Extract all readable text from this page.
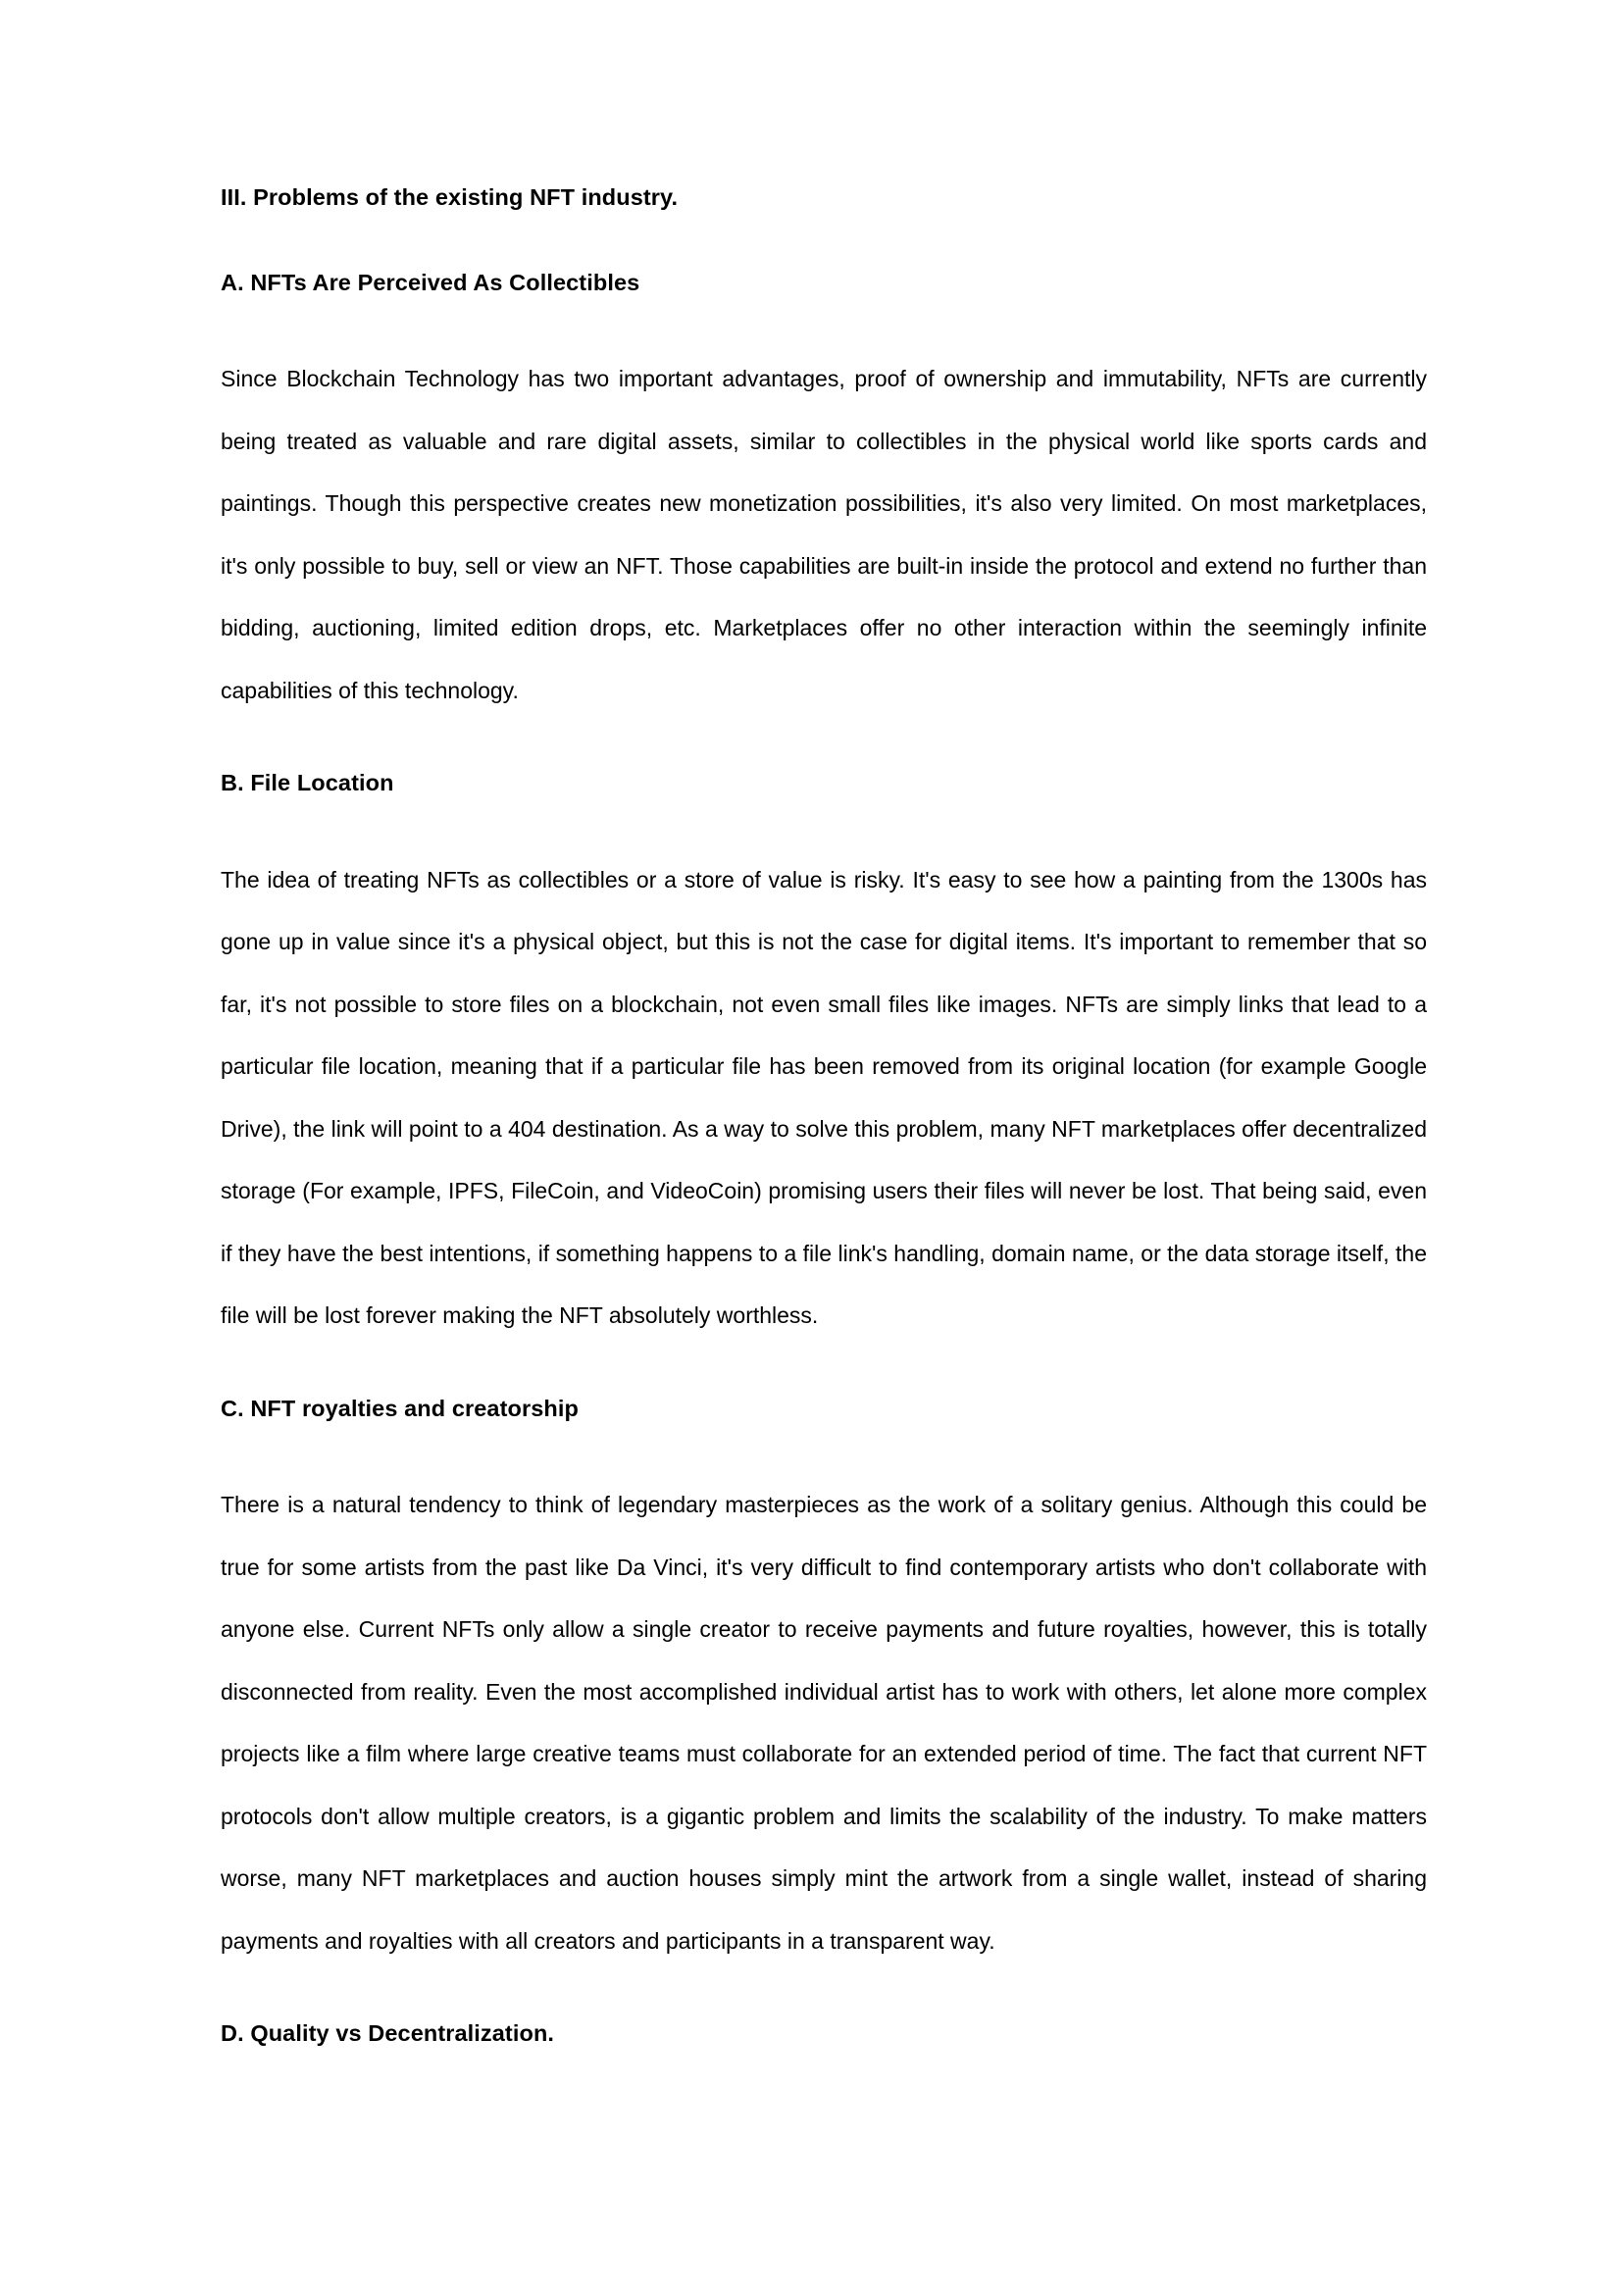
III. Problems of the existing NFT industry.
A. NFTs Are Perceived As Collectibles

Since Blockchain Technology has two important advantages, proof of ownership and immutability, NFTs are currently being treated as valuable and rare digital assets, similar to collectibles in the physical world like sports cards and paintings. Though this perspective creates new monetization possibilities, it's also very limited. On most marketplaces, it's only possible to buy, sell or view an NFT. Those capabilities are built-in inside the protocol and extend no further than bidding, auctioning, limited edition drops, etc. Marketplaces offer no other interaction within the seemingly infinite capabilities of this technology.

B. File Location

The idea of treating NFTs as collectibles or a store of value is risky. It's easy to see how a painting from the 1300s has gone up in value since it's a physical object, but this is not the case for digital items. It's important to remember that so far, it's not possible to store files on a blockchain, not even small files like images. NFTs are simply links that lead to a particular file location, meaning that if a particular file has been removed from its original location (for example Google Drive), the link will point to a 404 destination. As a way to solve this problem, many NFT marketplaces offer decentralized storage (For example, IPFS, FileCoin, and VideoCoin) promising users their files will never be lost. That being said, even if they have the best intentions, if something happens to a file link's handling, domain name, or the data storage itself, the file will be lost forever making the NFT absolutely worthless.

C. NFT royalties and creatorship

There is a natural tendency to think of legendary masterpieces as the work of a solitary genius. Although this could be true for some artists from the past like Da Vinci, it's very difficult to find contemporary artists who don't collaborate with anyone else. Current NFTs only allow a single creator to receive payments and future royalties, however, this is totally disconnected from reality. Even the most accomplished individual artist has to work with others, let alone more complex projects like a film where large creative teams must collaborate for an extended period of time. The fact that current NFT protocols don't allow multiple creators, is a gigantic problem and limits the scalability of the industry. To make matters worse, many NFT marketplaces and auction houses simply mint the artwork from a single wallet, instead of sharing payments and royalties with all creators and participants in a transparent way.

D. Quality vs Decentralization.
